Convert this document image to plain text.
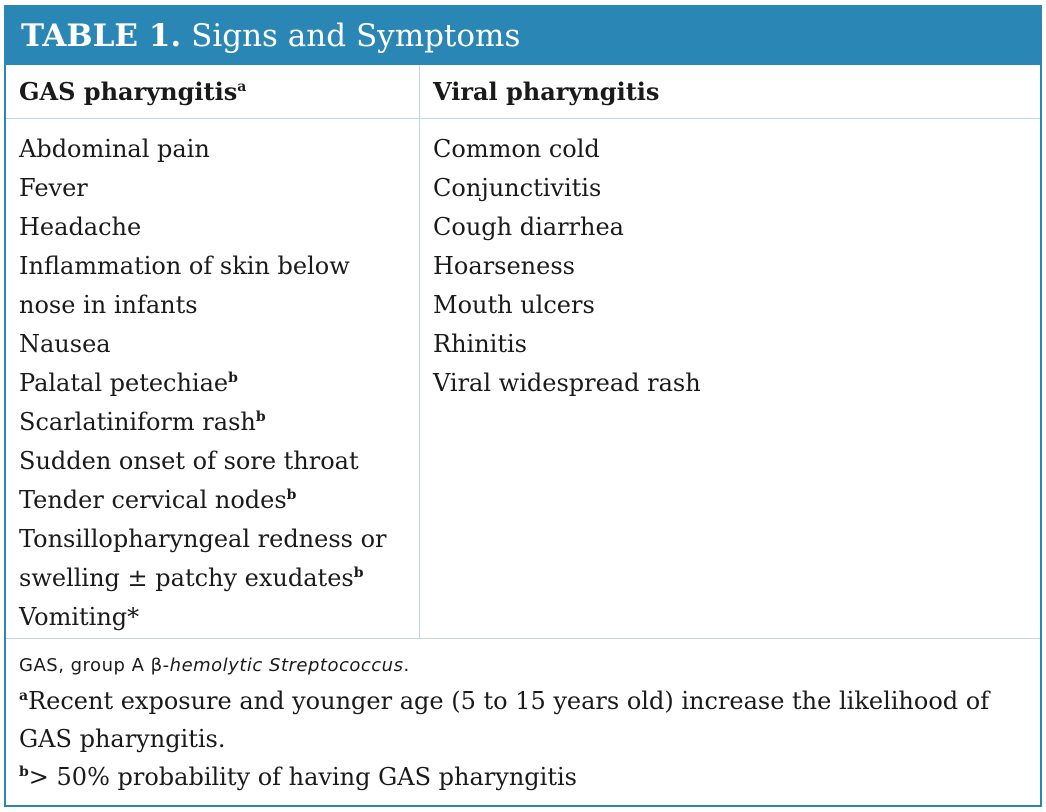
TABLE 1. Signs and Symptoms
GAS pharyngitis$^a$	Viral pharyngitis
Abdominal pain
Fever
Headache
Inflammation of skin below
nose in infants
Nausea
Palatal petechiae$^b$
Scarlatiniform rash$^b$
Sudden onset of sore throat
Tender cervical nodes$^b$
Tonsillopharyngeal redness or
swelling ± patchy exudates$^b$
Vomiting*
Common cold
Conjunctivitis
Cough diarrhea
Hoarseness
Mouth ulcers
Rhinitis
Viral widespread rash
GAS, group A β-hemolytic Streptococcus.
$^a$Recent exposure and younger age (5 to 15 years old) increase the likelihood of GAS pharyngitis.
$^b$> 50% probability of having GAS pharyngitis
